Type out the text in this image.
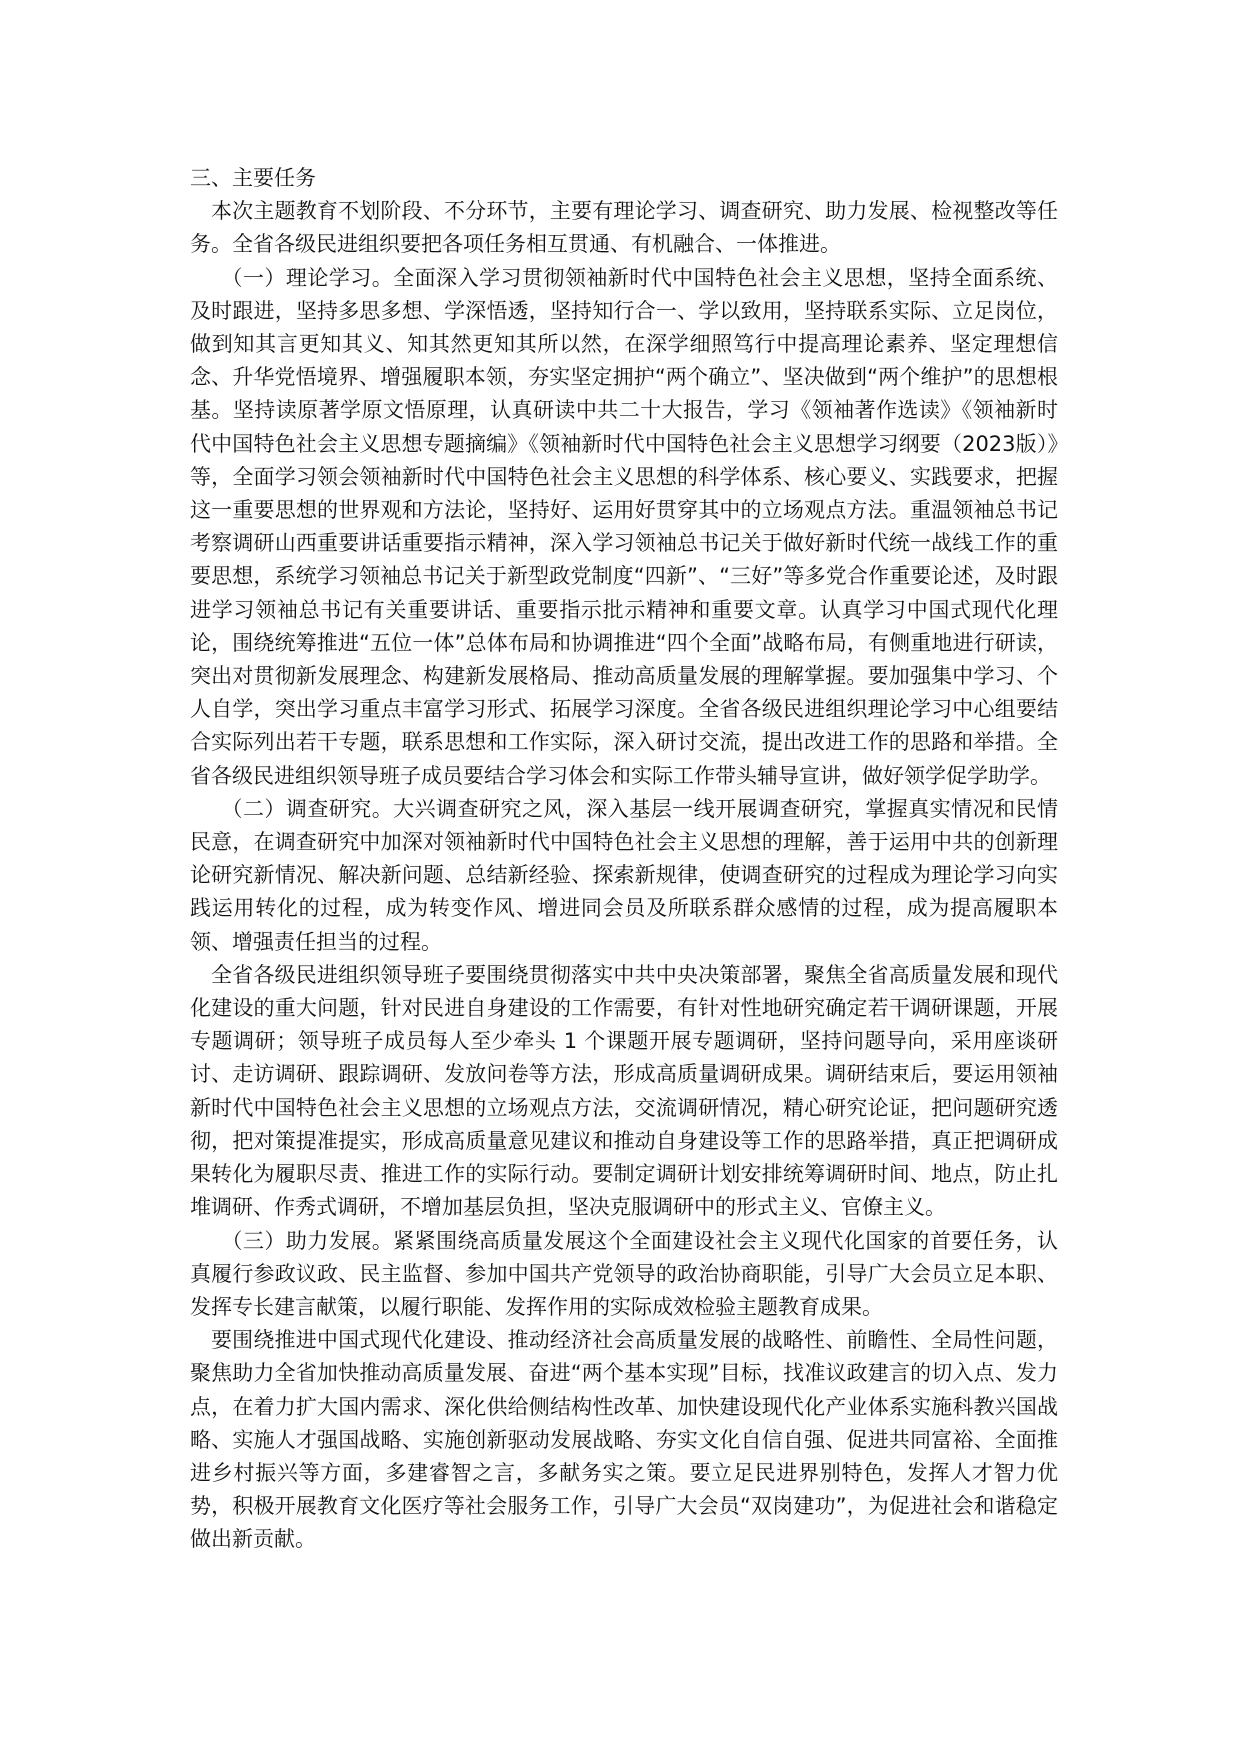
三、主要任务

本次主题教育不划阶段、不分环节，主要有理论学习、调查研究、助力发展、检视整改等任务。全省各级民进组织要把各项任务相互贯通、有机融合、一体推进。

（一）理论学习。全面深入学习贯彻领袖新时代中国特色社会主义思想，坚持全面系统、及时跟进，坚持多思多想、学深悟透，坚持知行合一、学以致用，坚持联系实际、立足岗位，做到知其言更知其义、知其然更知其所以然，在深学细照笃行中提高理论素养、坚定理想信念、升华党悟境界、增强履职本领，夯实坚定拥护“两个确立”、坚决做到“两个维护”的思想根基。坚持读原著学原文悟原理，认真研读中共二十大报告，学习《领袖著作选读》《领袖新时代中国特色社会主义思想专题摘编》《领袖新时代中国特色社会主义思想学习纲要（2023版）》等，全面学习领会领袖新时代中国特色社会主义思想的科学体系、核心要义、实践要求，把握这一重要思想的世界观和方法论，坚持好、运用好贯穿其中的立场观点方法。重温领袖总书记考察调研山西重要讲话重要指示精神，深入学习领袖总书记关于做好新时代统一战线工作的重要思想，系统学习领袖总书记关于新型政党制度“四新”、“三好”等多党合作重要论述，及时跟进学习领袖总书记有关重要讲话、重要指示批示精神和重要文章。认真学习中国式现代化理论，围绕统筹推进“五位一体”总体布局和协调推进“四个全面”战略布局，有侧重地进行研读，突出对贯彻新发展理念、构建新发展格局、推动高质量发展的理解掌握。要加强集中学习、个人自学，突出学习重点丰富学习形式、拓展学习深度。全省各级民进组织理论学习中心组要结合实际列出若干专题，联系思想和工作实际，深入研讨交流，提出改进工作的思路和举措。全省各级民进组织领导班子成员要结合学习体会和实际工作带头辅导宣讲，做好领学促学助学。

（二）调查研究。大兴调查研究之风，深入基层一线开展调查研究，掌握真实情况和民情民意，在调查研究中加深对领袖新时代中国特色社会主义思想的理解，善于运用中共的创新理论研究新情况、解决新问题、总结新经验、探索新规律，使调查研究的过程成为理论学习向实践运用转化的过程，成为转变作风、增进同会员及所联系群众感情的过程，成为提高履职本领、增强责任担当的过程。

全省各级民进组织领导班子要围绕贯彻落实中共中央决策部署，聚焦全省高质量发展和现代化建设的重大问题，针对民进自身建设的工作需要，有针对性地研究确定若干调研课题，开展专题调研；领导班子成员每人至少牵头 1 个课题开展专题调研，坚持问题导向，采用座谈研讨、走访调研、跟踪调研、发放问卷等方法，形成高质量调研成果。调研结束后，要运用领袖新时代中国特色社会主义思想的立场观点方法，交流调研情况，精心研究论证，把问题研究透彻，把对策提准提实，形成高质量意见建议和推动自身建设等工作的思路举措，真正把调研成果转化为履职尽责、推进工作的实际行动。要制定调研计划安排统筹调研时间、地点，防止扎堆调研、作秀式调研，不增加基层负担，坚决克服调研中的形式主义、官僚主义。

（三）助力发展。紧紧围绕高质量发展这个全面建设社会主义现代化国家的首要任务，认真履行参政议政、民主监督、参加中国共产党领导的政治协商职能，引导广大会员立足本职、发挥专长建言献策，以履行职能、发挥作用的实际成效检验主题教育成果。

要围绕推进中国式现代化建设、推动经济社会高质量发展的战略性、前瞻性、全局性问题，聚焦助力全省加快推动高质量发展、奋进“两个基本实现”目标，找准议政建言的切入点、发力点，在着力扩大国内需求、深化供给侧结构性改革、加快建设现代化产业体系实施科教兴国战略、实施人才强国战略、实施创新驱动发展战略、夯实文化自信自强、促进共同富裕、全面推进乡村振兴等方面，多建睿智之言，多献务实之策。要立足民进界别特色，发挥人才智力优势，积极开展教育文化医疗等社会服务工作，引导广大会员“双岗建功”，为促进社会和谐稳定做出新贡献。
